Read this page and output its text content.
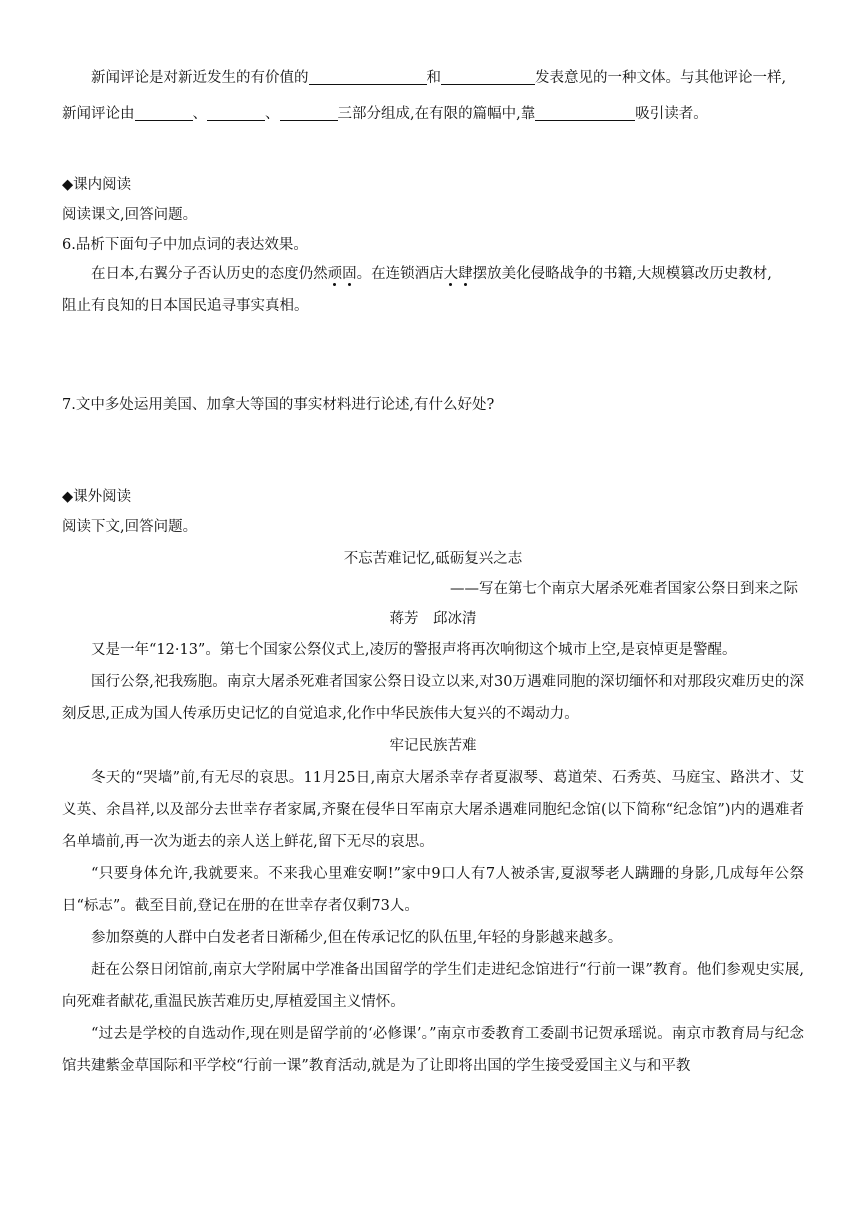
新闻评论是对新近发生的有价值的	和	发表意见的一种文体。与其他评论一样,

新闻评论由	、	、	三部分组成,在有限的篇幅中,靠	吸引读者。

◆课内阅读

阅读课文,回答问题。

6.品析下面句子中加点词的表达效果。

在日本,右翼分子否认历史的态度仍然顽固。在连锁酒店大肆摆放美化侵略战争的书籍,大规模篡改历史教材,

阻止有良知的日本国民追寻事实真相。

7.文中多处运用美国、加拿大等国的事实材料进行论述,有什么好处?

◆课外阅读

阅读下文,回答问题。

不忘苦难记忆,砥砺复兴之志

——写在第七个南京大屠杀死难者国家公祭日到来之际

蒋芳　邱冰清

又是一年“12·13”。第七个国家公祭仪式上,凌厉的警报声将再次响彻这个城市上空,是哀悼更是警醒。

国行公祭,祀我殇胞。南京大屠杀死难者国家公祭日设立以来,对30万遇难同胞的深切缅怀和对那段灾难历史的深刻反思,正成为国人传承历史记忆的自觉追求,化作中华民族伟大复兴的不竭动力。

牢记民族苦难

冬天的“哭墙”前,有无尽的哀思。11月25日,南京大屠杀幸存者夏淑琴、葛道荣、石秀英、马庭宝、路洪才、艾义英、余昌祥,以及部分去世幸存者家属,齐聚在侵华日军南京大屠杀遇难同胞纪念馆(以下简称“纪念馆”)内的遇难者名单墙前,再一次为逝去的亲人送上鲜花,留下无尽的哀思。

“只要身体允许,我就要来。不来我心里难安啊!”家中9口人有7人被杀害,夏淑琴老人蹒跚的身影,几成每年公祭日“标志”。截至目前,登记在册的在世幸存者仅剩73人。

参加祭奠的人群中白发老者日渐稀少,但在传承记忆的队伍里,年轻的身影越来越多。

赶在公祭日闭馆前,南京大学附属中学准备出国留学的学生们走进纪念馆进行“行前一课”教育。他们参观史实展,向死难者献花,重温民族苦难历史,厚植爱国主义情怀。

“过去是学校的自选动作,现在则是留学前的‘必修课’。”南京市委教育工委副书记贺承瑶说。南京市教育局与纪念馆共建紫金草国际和平学校“行前一课”教育活动,就是为了让即将出国的学生接受爱国主义与和平教
